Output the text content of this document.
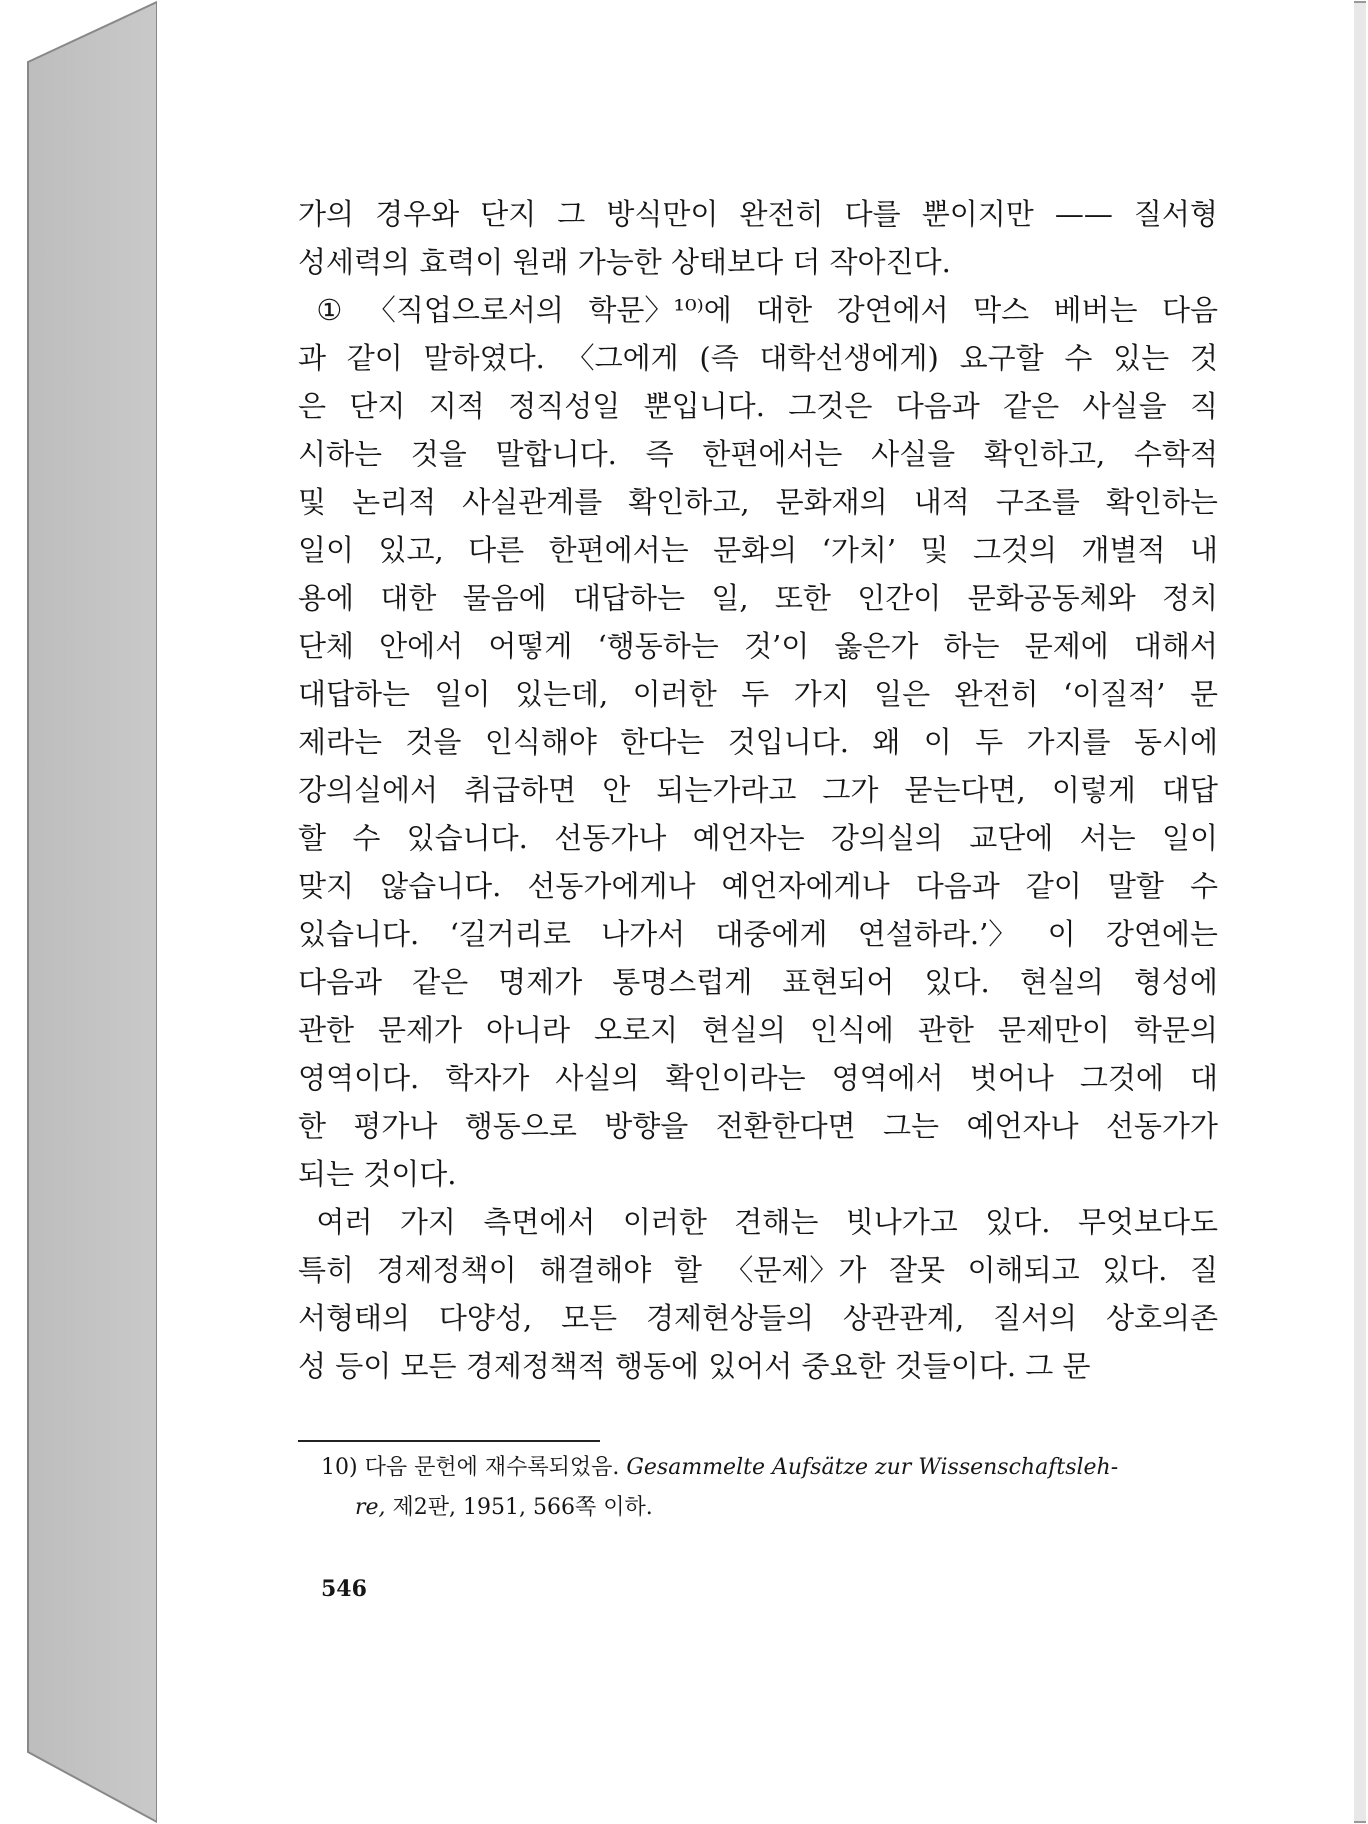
가의 경우와 단지 그 방식만이 완전히 다를 뿐이지만 —— 질서형
성세력의 효력이 원래 가능한 상태보다 더 작아진다.
① 〈직업으로서의 학문〉¹⁰⁾에 대한 강연에서 막스 베버는 다음
과 같이 말하였다. 〈그에게 (즉 대학선생에게) 요구할 수 있는 것
은 단지 지적 정직성일 뿐입니다. 그것은 다음과 같은 사실을 직
시하는 것을 말합니다. 즉 한편에서는 사실을 확인하고, 수학적
및 논리적 사실관계를 확인하고, 문화재의 내적 구조를 확인하는
일이 있고, 다른 한편에서는 문화의 ‘가치’ 및 그것의 개별적 내
용에 대한 물음에 대답하는 일, 또한 인간이 문화공동체와 정치
단체 안에서 어떻게 ‘행동하는 것’이 옳은가 하는 문제에 대해서
대답하는 일이 있는데, 이러한 두 가지 일은 완전히 ‘이질적’ 문
제라는 것을 인식해야 한다는 것입니다. 왜 이 두 가지를 동시에
강의실에서 취급하면 안 되는가라고 그가 묻는다면, 이렇게 대답
할 수 있습니다. 선동가나 예언자는 강의실의 교단에 서는 일이
맞지 않습니다. 선동가에게나 예언자에게나 다음과 같이 말할 수
있습니다. ‘길거리로 나가서 대중에게 연설하라.’〉 이 강연에는
다음과 같은 명제가 통명스럽게 표현되어 있다. 현실의 형성에
관한 문제가 아니라 오로지 현실의 인식에 관한 문제만이 학문의
영역이다. 학자가 사실의 확인이라는 영역에서 벗어나 그것에 대
한 평가나 행동으로 방향을 전환한다면 그는 예언자나 선동가가
되는 것이다.
여러 가지 측면에서 이러한 견해는 빗나가고 있다. 무엇보다도
특히 경제정책이 해결해야 할 〈문제〉가 잘못 이해되고 있다. 질
서형태의 다양성, 모든 경제현상들의 상관관계, 질서의 상호의존
성 등이 모든 경제정책적 행동에 있어서 중요한 것들이다. 그 문
10) 다음 문헌에 재수록되었음. Gesammelte Aufsätze zur Wissenschaftsleh-
re, 제2판, 1951, 566쪽 이하.
546
